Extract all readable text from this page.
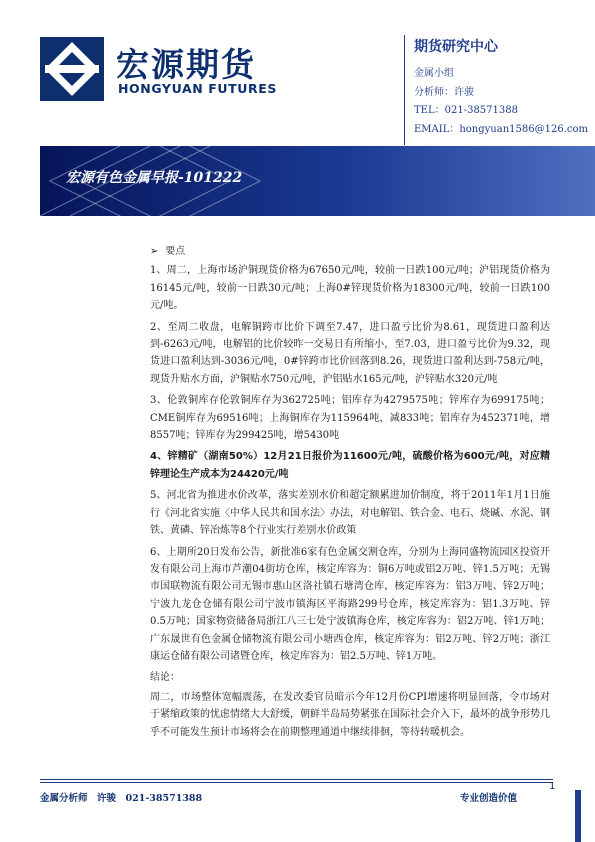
宏源期货
HONGYUAN FUTURES
期货研究中心
金属小组
分析师：许骏
TEL：021-38571388
EMAIL：hongyuan1586@126.com
宏源有色金属早报-101222
➢ 要点

1、周二，上海市场沪铜现货价格为67650元/吨，较前一日跌100元/吨；沪铝现货价格为16145元/吨，较前一日跌30元/吨；上海0#锌现货价格为18300元/吨，较前一日跌100元/吨。

2、至周二收盘，电解铜跨市比价下调至7.47，进口盈亏比价为8.61，现货进口盈利达到-6263元/吨，电解铝的比价较昨一交易日有所缩小，至7.03，进口盈亏比价为9.32，现货进口盈利达到-3036元/吨，0#锌跨市比价回落到8.26，现货进口盈利达到-758元/吨，现货升贴水方面，沪铜贴水750元/吨，沪铝贴水165元/吨，沪锌贴水320元/吨

3、伦敦铜库存伦敦铜库存为362725吨；铝库存为4279575吨；锌库存为699175吨；CME铜库存为69516吨；上海铜库存为115964吨，减833吨；铝库存为452371吨，增8557吨；锌库存为299425吨，增5430吨

4、锌精矿（湖南50%）12月21日报价为11600元/吨，硫酸价格为600元/吨，对应精锌理论生产成本为24420元/吨

5、河北省为推进水价改革，落实差别水价和超定额累进加价制度，将于2011年1月1日施行《河北省实施〈中华人民共和国水法〉办法，对电解铝、铁合金、电石、烧碱、水泥、钢铁、黄磷、锌冶炼等8个行业实行差别水价政策

6、上期所20日发布公告，新批准6家有色金属交割仓库，分别为上海同盛物流园区投资开发有限公司上海市芦潮04街坊仓库，核定库容为：铜6万吨或铝2万吨、锌1.5万吨；无锡市国联物流有限公司无锡市惠山区洛社镇石塘湾仓库，核定库容为：铝3万吨、锌2万吨；宁波九龙仓仓储有限公司宁波市镇海区平海路299号仓库，核定库容为：铝1.3万吨、锌0.5万吨；国家物资储备局浙江八三七处宁波镇海仓库，核定库容为：铝2万吨、锌1万吨；广东晟世有色金属仓储物流有限公司小塘西仓库，核定库容为：铝2万吨、锌2万吨；浙江康运仓储有限公司诸暨仓库，核定库容为：铝2.5万吨、锌1万吨。

结论：

周二，市场整体宽幅震荡，在发改委官员暗示今年12月份CPI增速将明显回落，令市场对于紧缩政策的忧虑情绪大大舒缓，朝鲜半岛局势紧张在国际社会介入下，最坏的战争形势几乎不可能发生预计市场将会在前期整理通道中继续徘徊，等待转暖机会。

1
金属分析师　许骏　021-38571388	专业创造价值
